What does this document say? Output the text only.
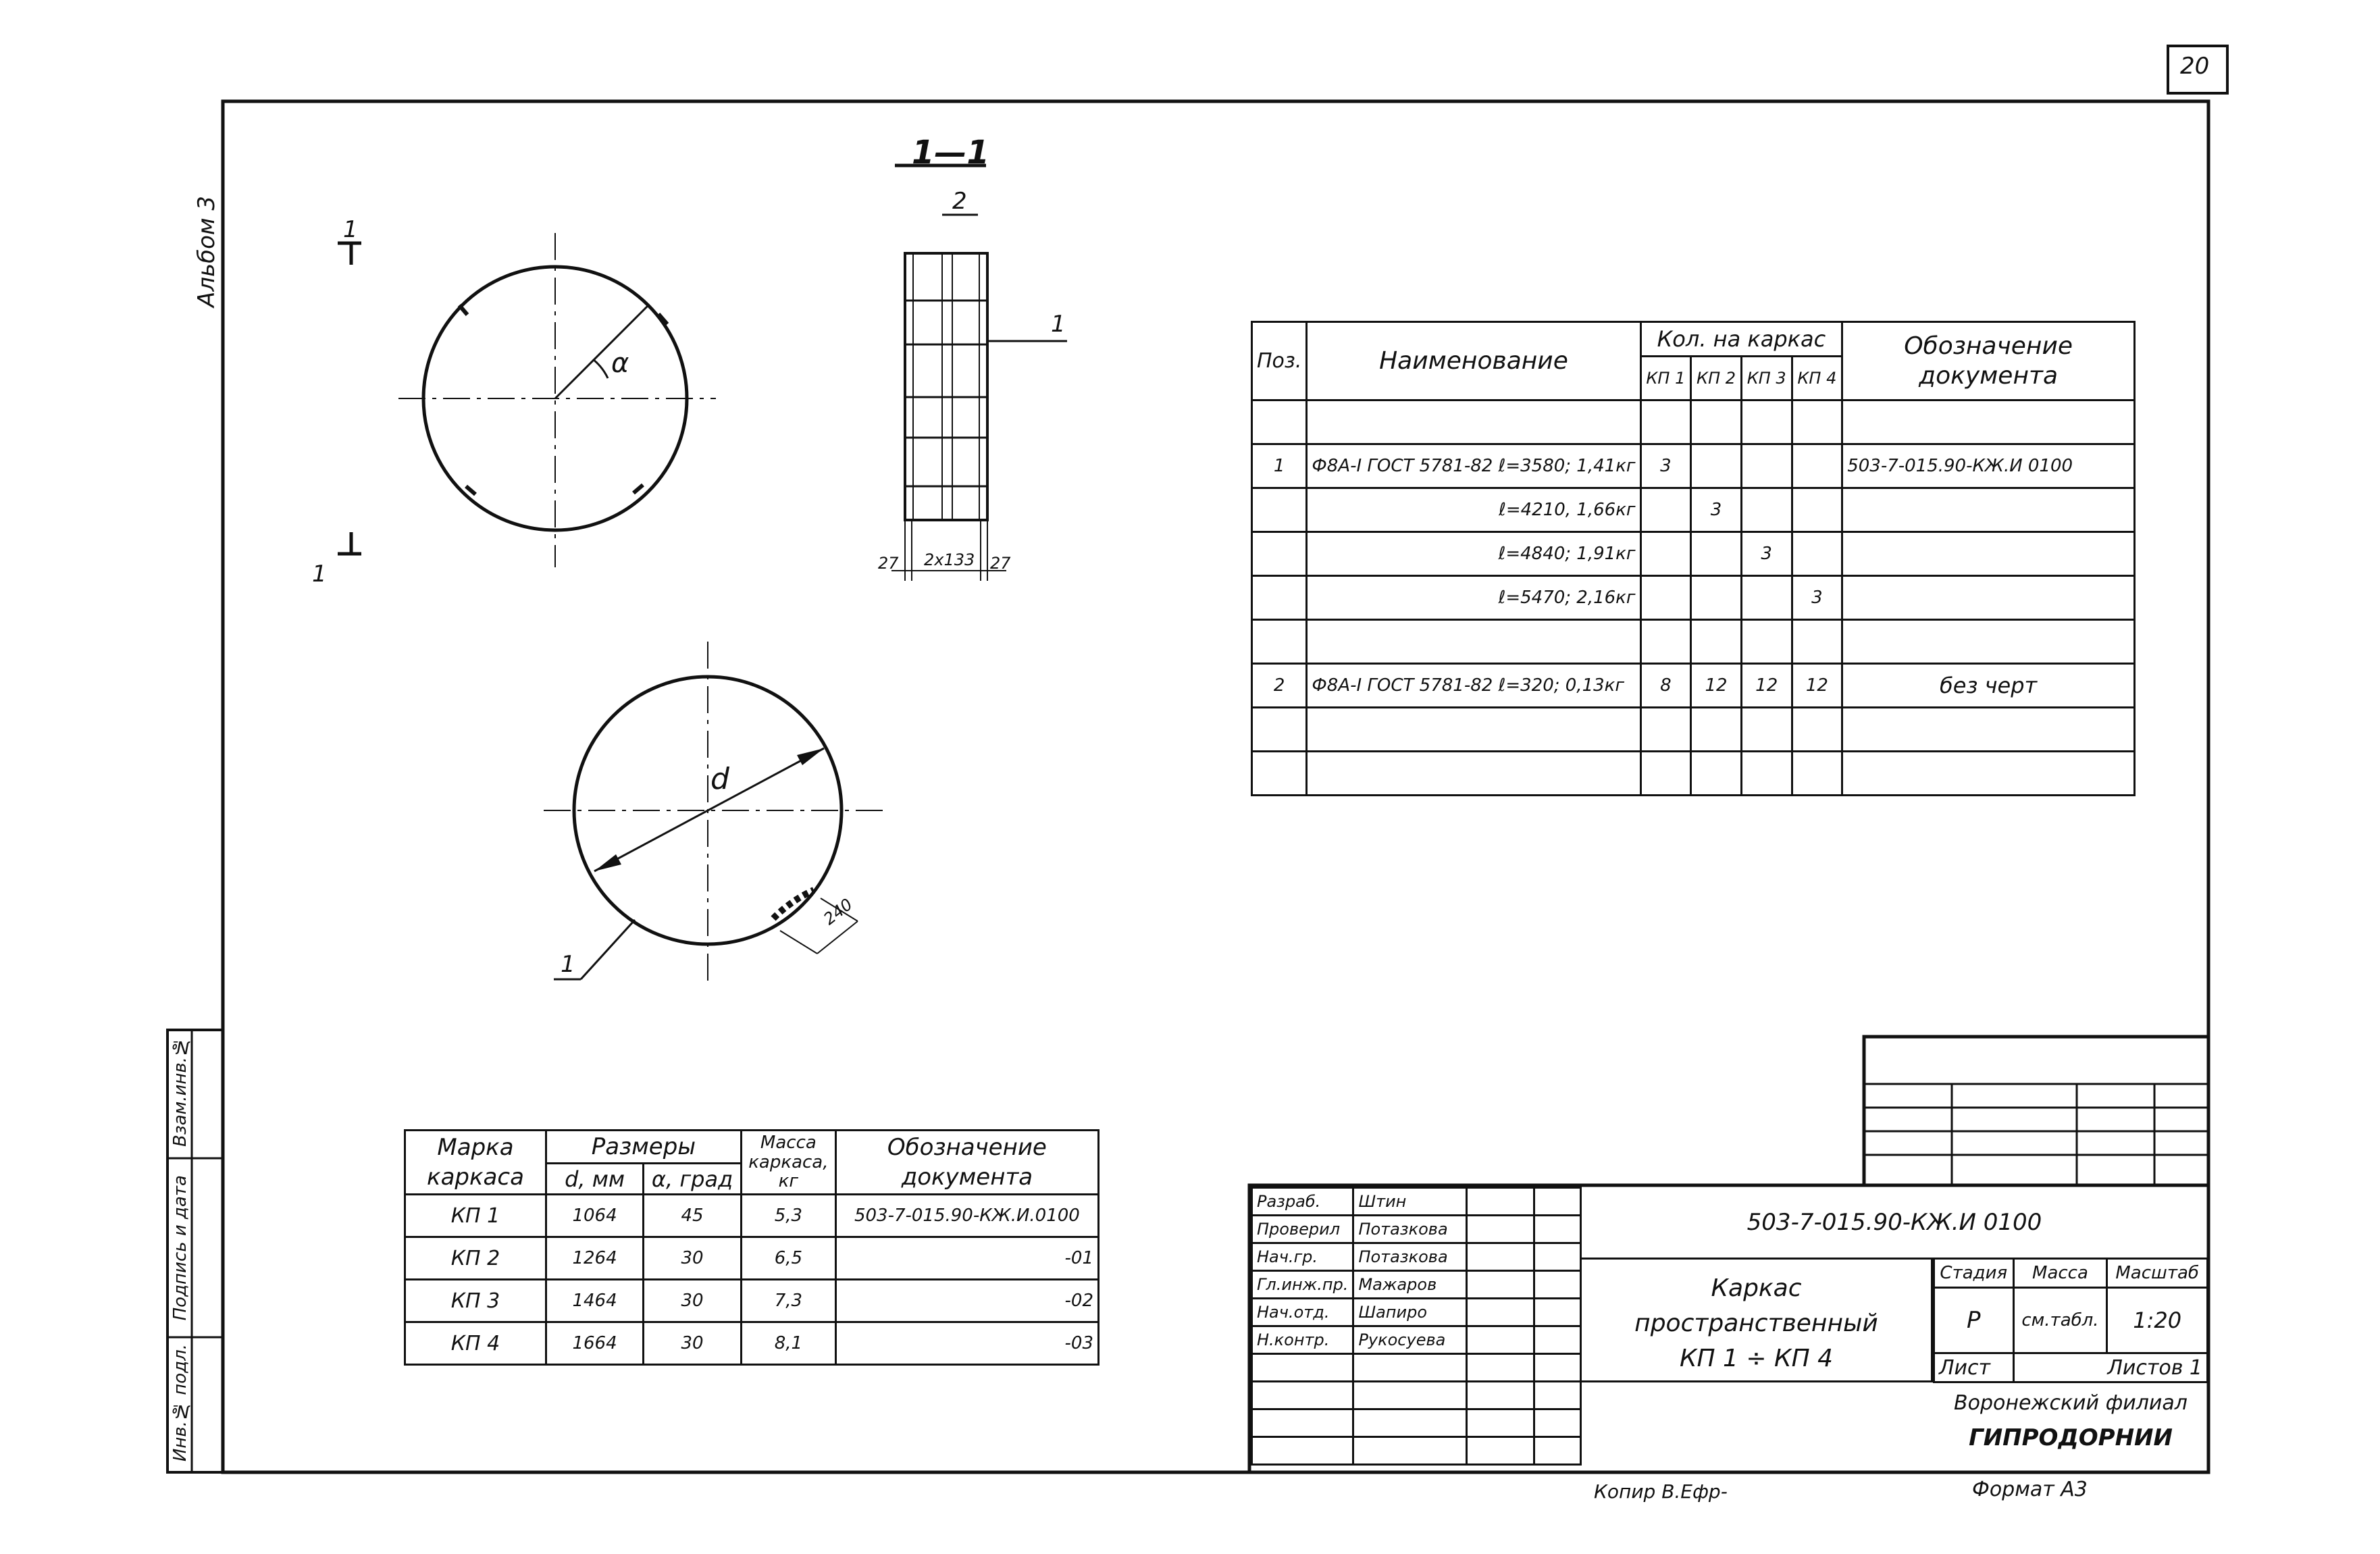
20
Альбом 3	1
1
α
1—1
2
1
27 2x133 27
d
240
1
Поз.	Наименование	Кол. на каркас				Обозначение документа
		КП 1	КП 2	КП 3	КП 4	

1	Ф8А-I ГОСТ 5781-82 ℓ=3580; 1,41кг	3				503-7-015.90-КЖ.И 0100
	ℓ=4210, 1,66кг		3			
	ℓ=4840; 1,91кг			3		
	ℓ=5470; 2,16кг				3	

2	Ф8А-I ГОСТ 5781-82 ℓ=320; 0,13кг	8	12	12	12	без черт

Марка каркаса	Размеры		Масса каркаса, кг	Обозначение документа
	d, мм	α, град		
КП 1	1064	45	5,3	503-7-015.90-КЖ.И.0100
КП 2	1264	30	6,5	-01
КП 3	1464	30	7,3	-02
КП 4	1664	30	8,1	-03
Разраб.	Штин		
Проверил	Потазкова		
Нач.гр.	Потазкова		
Гл.инж.пр.	Мажаров		
Нач.отд.	Шапиро		
Н.контр.	Рукосуева		

503-7-015.90-КЖ.И 0100
Каркас
пространственный
КП 1 ÷ КП 4
Стадия	Масса	Масштаб
Р	см.табл.	1:20
Лист	Листов 1	
Воронежский филиал
ГИПРОДОРНИИ
Инв.№ подл.
Подпись и дата
Взам.инв.№
Копир В.Ефр-	Формат А3
